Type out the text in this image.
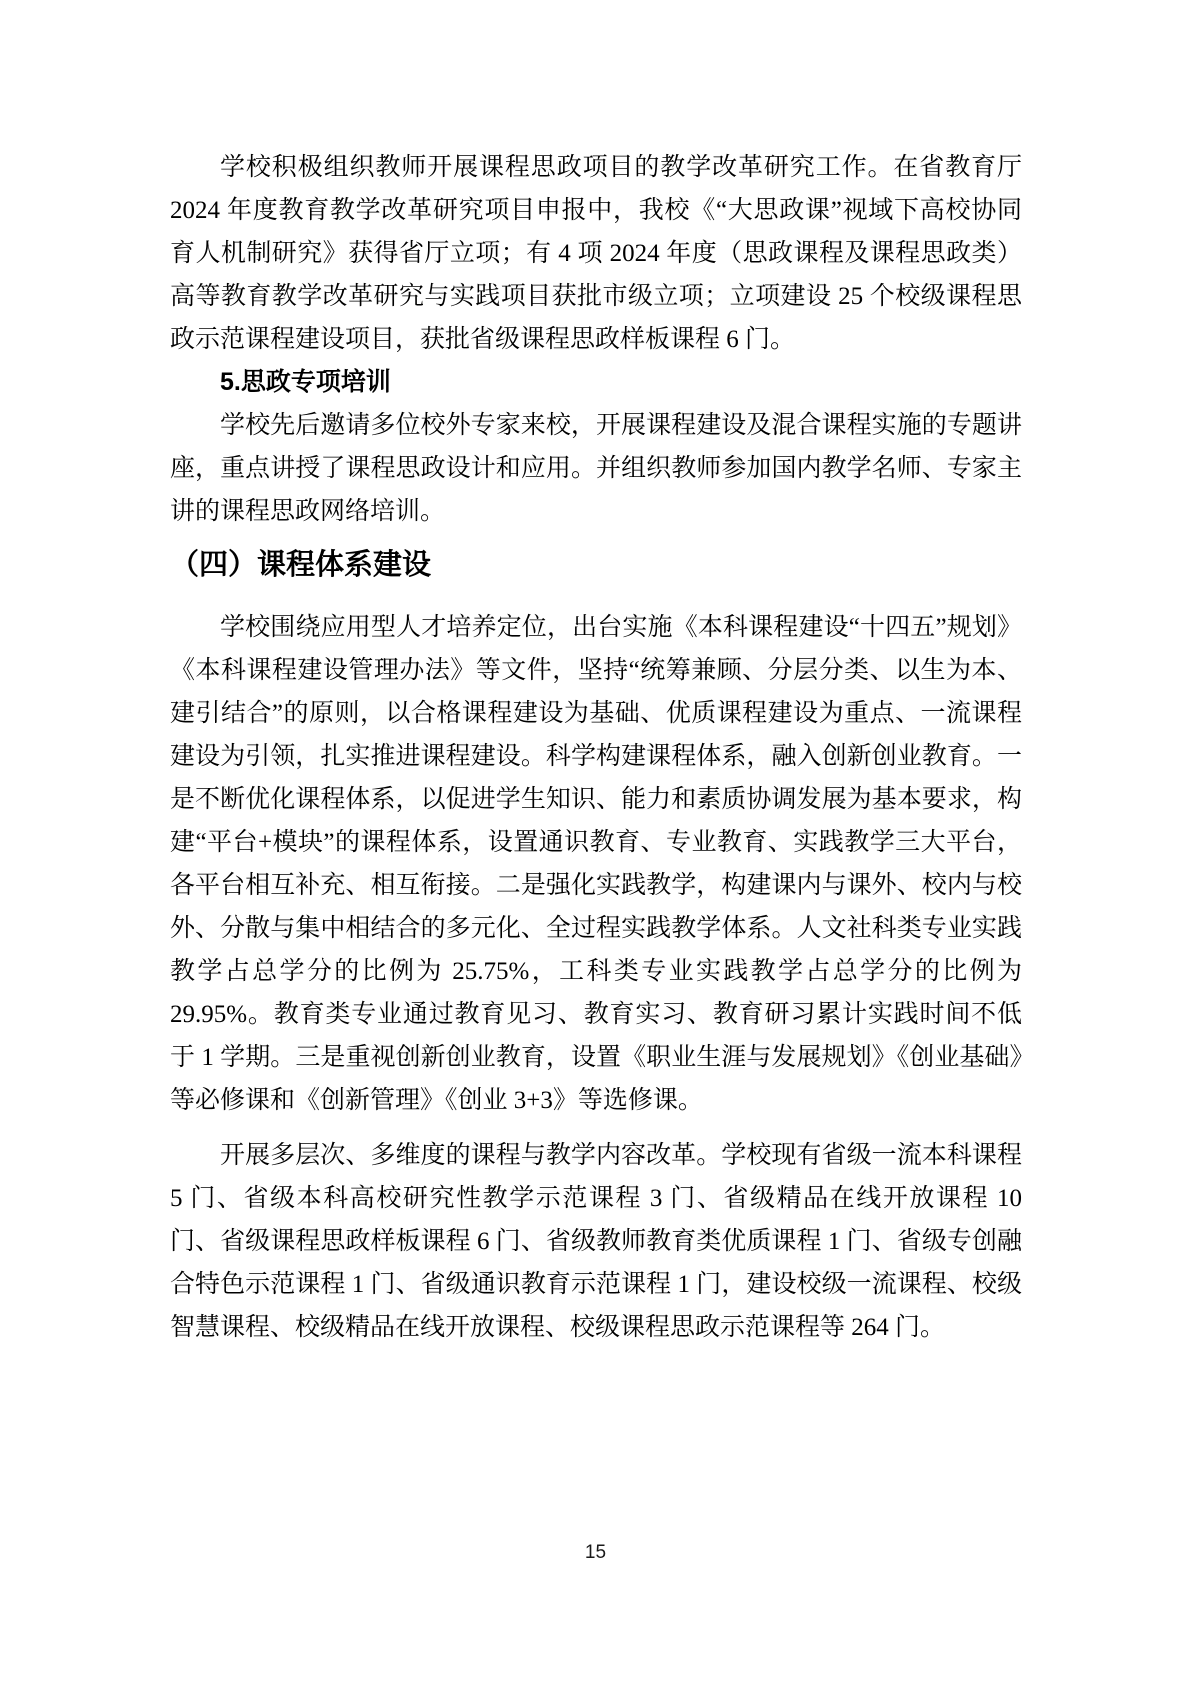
学校积极组织教师开展课程思政项目的教学改革研究工作。在省教育厅 2024 年度教育教学改革研究项目申报中，我校《“大思政课”视域下高校协同育人机制研究》获得省厅立项；有 4 项 2024 年度（思政课程及课程思政类）高等教育教学改革研究与实践项目获批市级立项；立项建设 25 个校级课程思政示范课程建设项目，获批省级课程思政样板课程 6 门。

5.思政专项培训

学校先后邀请多位校外专家来校，开展课程建设及混合课程实施的专题讲座，重点讲授了课程思政设计和应用。并组织教师参加国内教学名师、专家主讲的课程思政网络培训。

（四）课程体系建设

学校围绕应用型人才培养定位，出台实施《本科课程建设“十四五”规划》《本科课程建设管理办法》等文件，坚持“统筹兼顾、分层分类、以生为本、建引结合”的原则，以合格课程建设为基础、优质课程建设为重点、一流课程建设为引领，扎实推进课程建设。科学构建课程体系，融入创新创业教育。一是不断优化课程体系，以促进学生知识、能力和素质协调发展为基本要求，构建“平台+模块”的课程体系，设置通识教育、专业教育、实践教学三大平台，各平台相互补充、相互衔接。二是强化实践教学，构建课内与课外、校内与校外、分散与集中相结合的多元化、全过程实践教学体系。人文社科类专业实践教学占总学分的比例为 25.75%，工科类专业实践教学占总学分的比例为 29.95%。教育类专业通过教育见习、教育实习、教育研习累计实践时间不低于 1 学期。三是重视创新创业教育，设置《职业生涯与发展规划》《创业基础》等必修课和《创新管理》《创业 3+3》等选修课。

开展多层次、多维度的课程与教学内容改革。学校现有省级一流本科课程 5 门、省级本科高校研究性教学示范课程 3 门、省级精品在线开放课程 10 门、省级课程思政样板课程 6 门、省级教师教育类优质课程 1 门、省级专创融合特色示范课程 1 门、省级通识教育示范课程 1 门，建设校级一流课程、校级智慧课程、校级精品在线开放课程、校级课程思政示范课程等 264 门。

15
